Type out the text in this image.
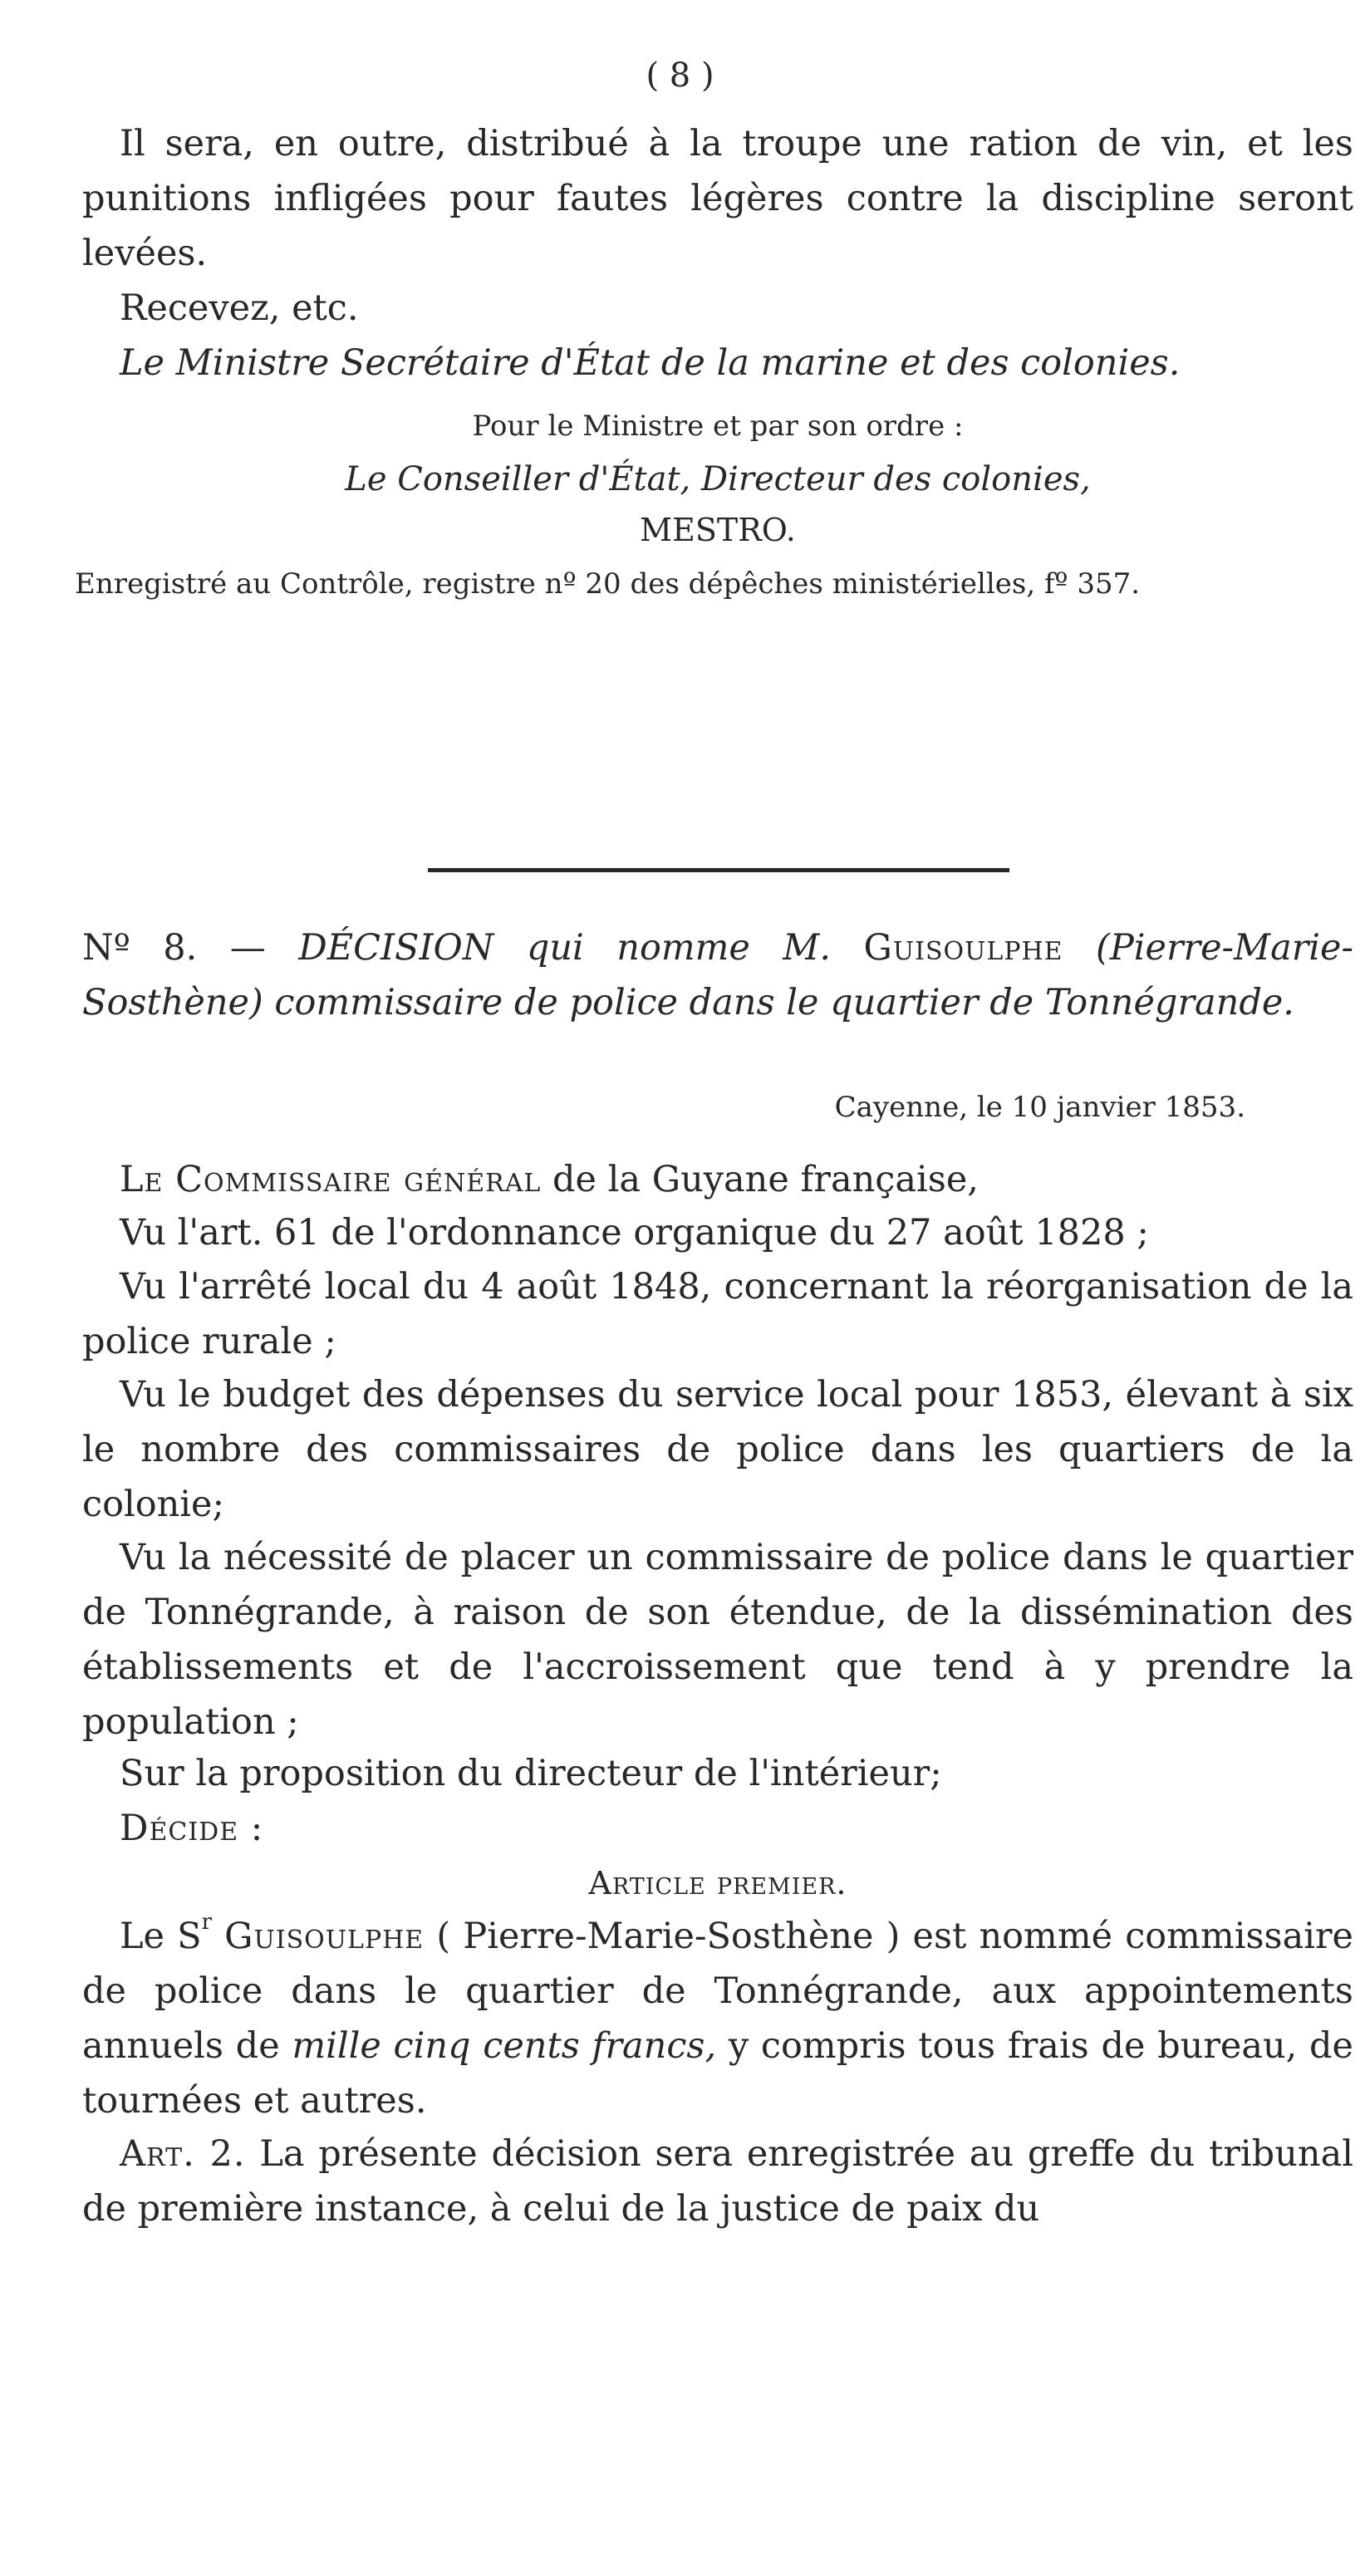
( 8 )

Il sera, en outre, distribué à la troupe une ration de vin, et les punitions infligées pour fautes légères contre la discipline seront levées.

Recevez, etc.

Le Ministre Secrétaire d'État de la marine et des colonies.

Pour le Ministre et par son ordre :

Le Conseiller d'État, Directeur des colonies,

MESTRO.

Enregistré au Contrôle, registre nº 20 des dépêches ministérielles, fº 357.

Nº 8. — DÉCISION qui nomme M. Guisoulphe (Pierre-Marie-Sosthène) commissaire de police dans le quartier de Tonnégrande.

Cayenne, le 10 janvier 1853.

Le Commissaire général de la Guyane française,

Vu l'art. 61 de l'ordonnance organique du 27 août 1828 ;

Vu l'arrêté local du 4 août 1848, concernant la réorganisation de la police rurale ;

Vu le budget des dépenses du service local pour 1853, élevant à six le nombre des commissaires de police dans les quartiers de la colonie;

Vu la nécessité de placer un commissaire de police dans le quartier de Tonnégrande, à raison de son étendue, de la dissémination des établissements et de l'accroissement que tend à y prendre la population ;

Sur la proposition du directeur de l'intérieur;

Décide :

Article premier.

Le $S^r$ Guisoulphe ( Pierre-Marie-Sosthène ) est nommé commissaire de police dans le quartier de Tonnégrande, aux appointements annuels de mille cinq cents francs, y compris tous frais de bureau, de tournées et autres.

Art. 2. La présente décision sera enregistrée au greffe du tribunal de première instance, à celui de la justice de paix du
